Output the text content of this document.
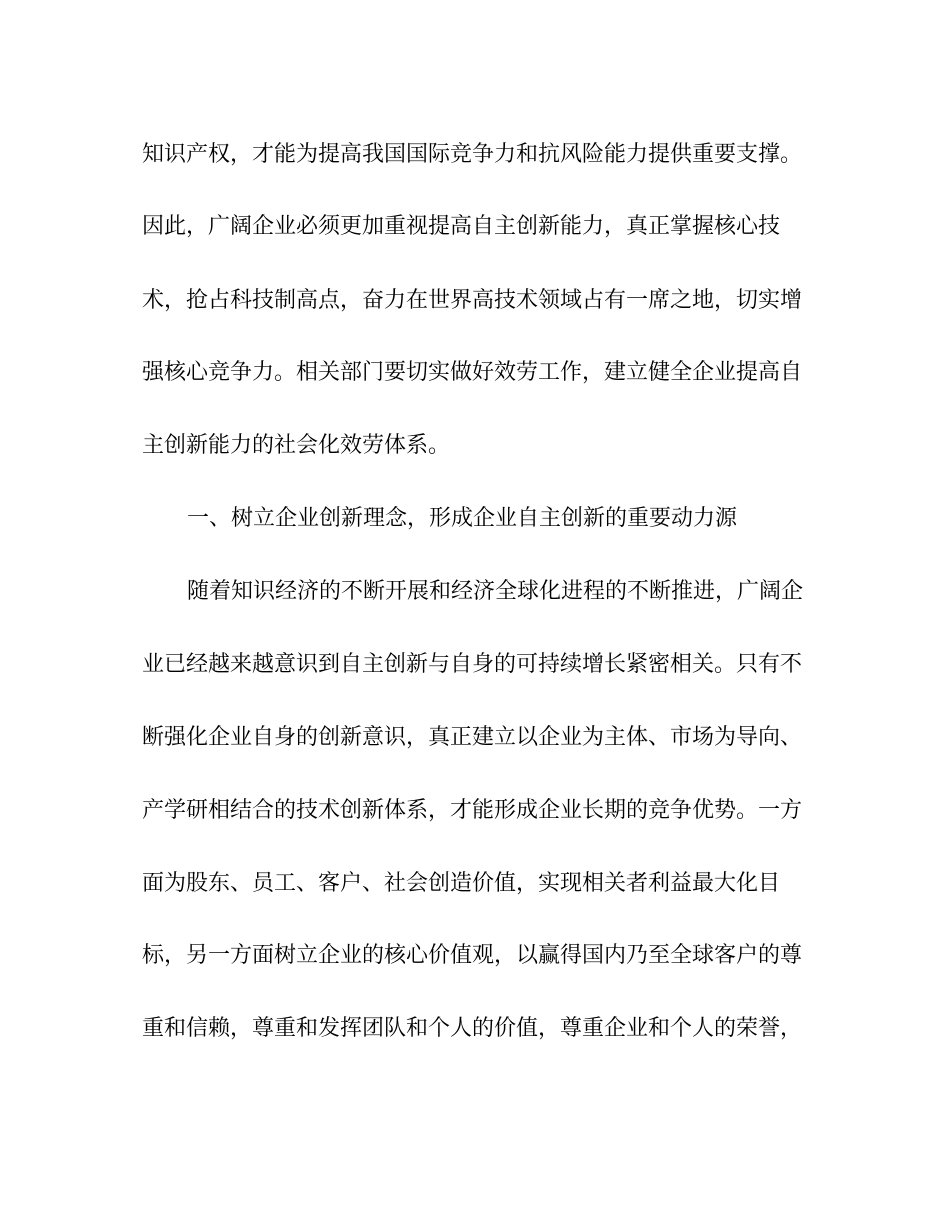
知识产权，才能为提高我国国际竞争力和抗风险能力提供重要支撑。

因此，广阔企业必须更加重视提高自主创新能力，真正掌握核心技

术，抢占科技制高点，奋力在世界高技术领域占有一席之地，切实增

强核心竞争力。相关部门要切实做好效劳工作，建立健全企业提高自

主创新能力的社会化效劳体系。

一、树立企业创新理念，形成企业自主创新的重要动力源

随着知识经济的不断开展和经济全球化进程的不断推进，广阔企

业已经越来越意识到自主创新与自身的可持续增长紧密相关。只有不

断强化企业自身的创新意识，真正建立以企业为主体、市场为导向、

产学研相结合的技术创新体系，才能形成企业长期的竞争优势。一方

面为股东、员工、客户、社会创造价值，实现相关者利益最大化目

标，另一方面树立企业的核心价值观，以赢得国内乃至全球客户的尊

重和信赖，尊重和发挥团队和个人的价值，尊重企业和个人的荣誉，
